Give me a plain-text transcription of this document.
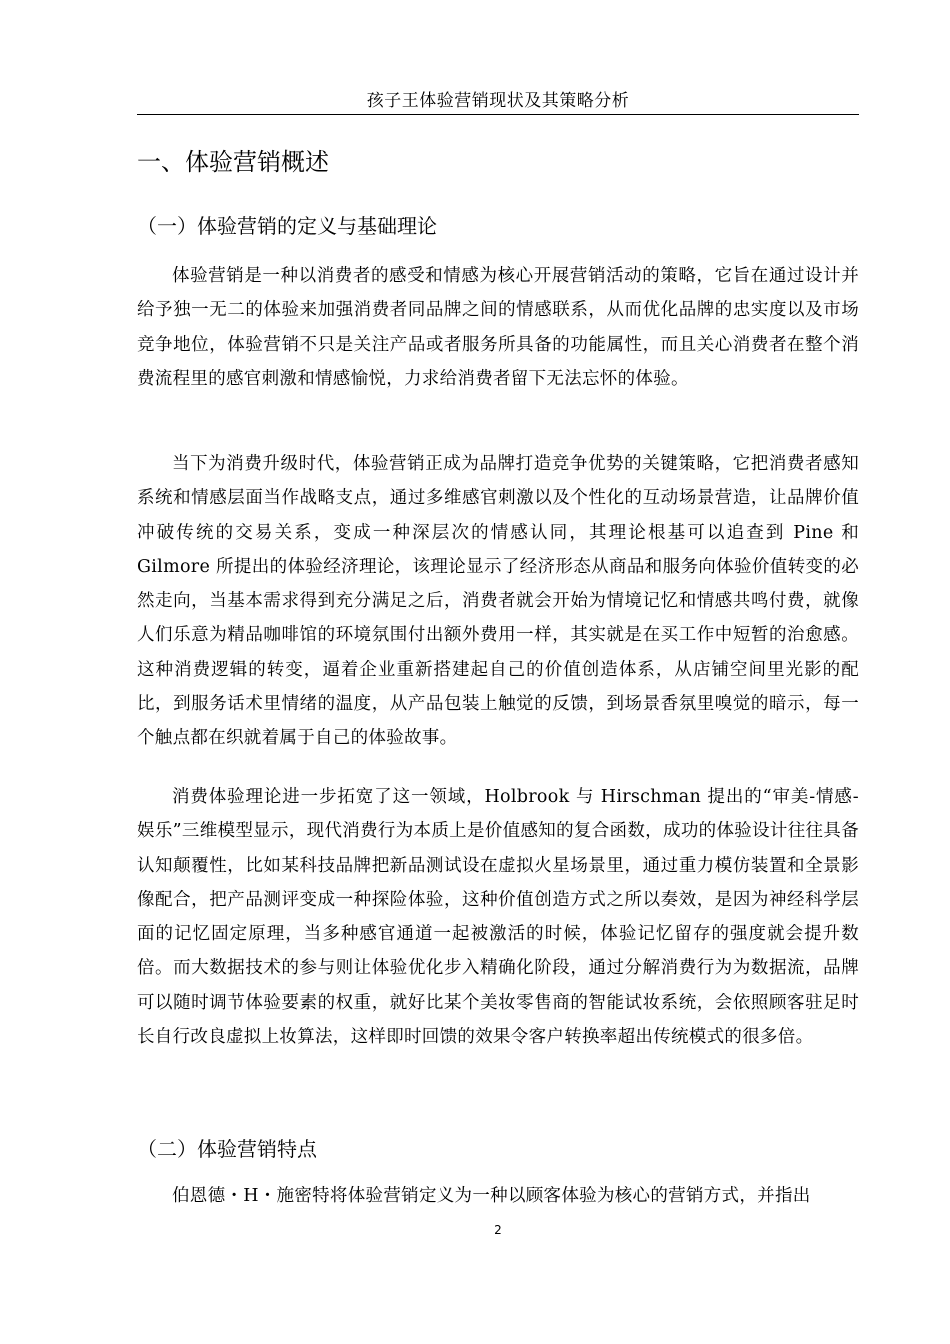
孩子王体验营销现状及其策略分析
一、体验营销概述
（一）体验营销的定义与基础理论

体验营销是一种以消费者的感受和情感为核心开展营销活动的策略，它旨在通过设计并给予独一无二的体验来加强消费者同品牌之间的情感联系，从而优化品牌的忠实度以及市场竞争地位，体验营销不只是关注产品或者服务所具备的功能属性，而且关心消费者在整个消费流程里的感官刺激和情感愉悦，力求给消费者留下无法忘怀的体验。

当下为消费升级时代，体验营销正成为品牌打造竞争优势的关键策略，它把消费者感知系统和情感层面当作战略支点，通过多维感官刺激以及个性化的互动场景营造，让品牌价值冲破传统的交易关系，变成一种深层次的情感认同，其理论根基可以追查到 Pine 和 Gilmore 所提出的体验经济理论，该理论显示了经济形态从商品和服务向体验价值转变的必然走向，当基本需求得到充分满足之后，消费者就会开始为情境记忆和情感共鸣付费，就像人们乐意为精品咖啡馆的环境氛围付出额外费用一样，其实就是在买工作中短暂的治愈感。 这种消费逻辑的转变，逼着企业重新搭建起自己的价值创造体系，从店铺空间里光影的配比，到服务话术里情绪的温度，从产品包装上触觉的反馈，到场景香氛里嗅觉的暗示，每一个触点都在织就着属于自己的体验故事。

消费体验理论进一步拓宽了这一领域，Holbrook 与 Hirschman 提出的“审美-情感-娱乐”三维模型显示，现代消费行为本质上是价值感知的复合函数，成功的体验设计往往具备认知颠覆性，比如某科技品牌把新品测试设在虚拟火星场景里，通过重力模仿装置和全景影像配合，把产品测评变成一种探险体验，这种价值创造方式之所以奏效，是因为神经科学层面的记忆固定原理，当多种感官通道一起被激活的时候，体验记忆留存的强度就会提升数倍。而大数据技术的参与则让体验优化步入精确化阶段，通过分解消费行为为数据流，品牌可以随时调节体验要素的权重，就好比某个美妆零售商的智能试妆系统，会依照顾客驻足时长自行改良虚拟上妆算法，这样即时回馈的效果令客户转换率超出传统模式的很多倍。

（二）体验营销特点

伯恩德・H・施密特将体验营销定义为一种以顾客体验为核心的营销方式，并指出

2
